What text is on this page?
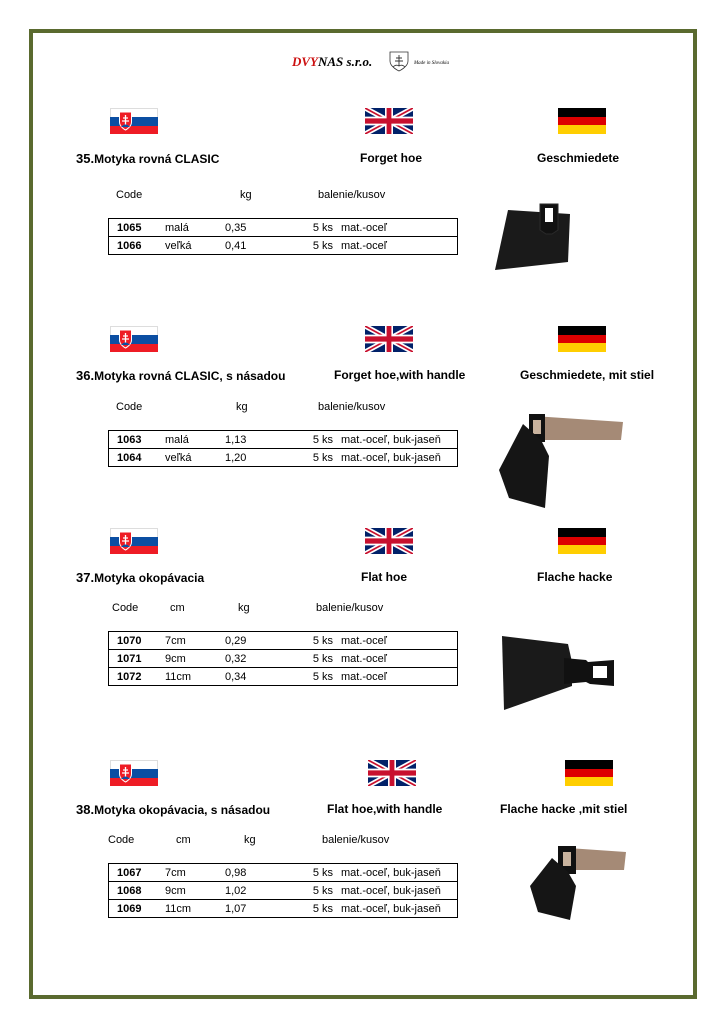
DVYNAS s.r.o.	Made in Slovakia
35.Motyka rovná CLASIC	Forget hoe	Geschmiedete
Code	kg	balenie/kusov
1065	malá	0,35	5 ks	mat.-oceľ
1066	veľká	0,41	5 ks	mat.-oceľ
36.Motyka rovná CLASIC, s násadou	Forget hoe,with handle	Geschmiedete, mit stiel
Code	kg	balenie/kusov
1063	malá	1,13	5 ks	mat.-oceľ, buk-jaseň
1064	veľká	1,20	5 ks	mat.-oceľ, buk-jaseň
37.Motyka okopávacia	Flat hoe	Flache hacke
Code	cm	kg	balenie/kusov
1070	7cm	0,29	5 ks	mat.-oceľ
1071	9cm	0,32	5 ks	mat.-oceľ
1072	11cm	0,34	5 ks	mat.-oceľ
38.Motyka okopávacia, s násadou	Flat hoe,with handle	Flache hacke ,mit stiel
Code	cm	kg	balenie/kusov
1067	7cm	0,98	5 ks	mat.-oceľ, buk-jaseň
1068	9cm	1,02	5 ks	mat.-oceľ, buk-jaseň
1069	11cm	1,07	5 ks	mat.-oceľ, buk-jaseň
